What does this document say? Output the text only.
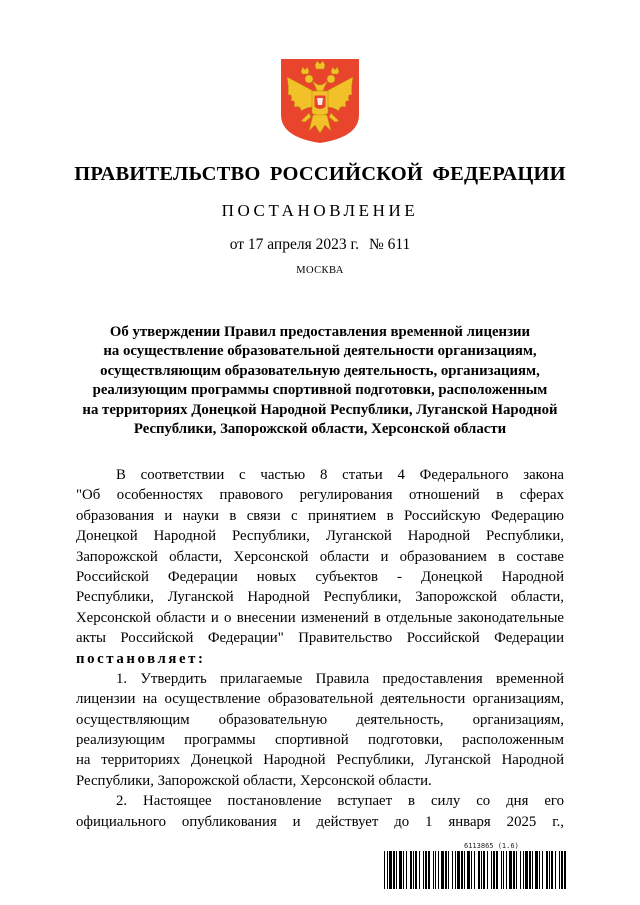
ПРАВИТЕЛЬСТВО РОССИЙСКОЙ ФЕДЕРАЦИИ
ПОСТАНОВЛЕНИЕ
от 17 апреля 2023 г. № 611
МОСКВА
Об утверждении Правил предоставления временной лицензии
на осуществление образовательной деятельности организациям,
осуществляющим образовательную деятельность, организациям,
реализующим программы спортивной подготовки, расположенным
на территориях Донецкой Народной Республики, Луганской Народной
Республики, Запорожской области, Херсонской области
В соответствии с частью 8 статьи 4 Федерального закона
"Об особенностях правового регулирования отношений в сферах
образования и науки в связи с принятием в Российскую Федерацию
Донецкой Народной Республики, Луганской Народной Республики,
Запорожской области, Херсонской области и образованием в составе
Российской Федерации новых субъектов - Донецкой Народной
Республики, Луганской Народной Республики, Запорожской области,
Херсонской области и о внесении изменений в отдельные законодательные
акты Российской Федерации" Правительство Российской Федерации
постановляет:
1. Утвердить прилагаемые Правила предоставления временной
лицензии на осуществление образовательной деятельности организациям,
осуществляющим образовательную деятельность, организациям,
реализующим программы спортивной подготовки, расположенным
на территориях Донецкой Народной Республики, Луганской Народной
Республики, Запорожской области, Херсонской области.
2. Настоящее постановление вступает в силу со дня его
официального опубликования и действует до 1 января 2025 г.,
6113865 (1.6)
